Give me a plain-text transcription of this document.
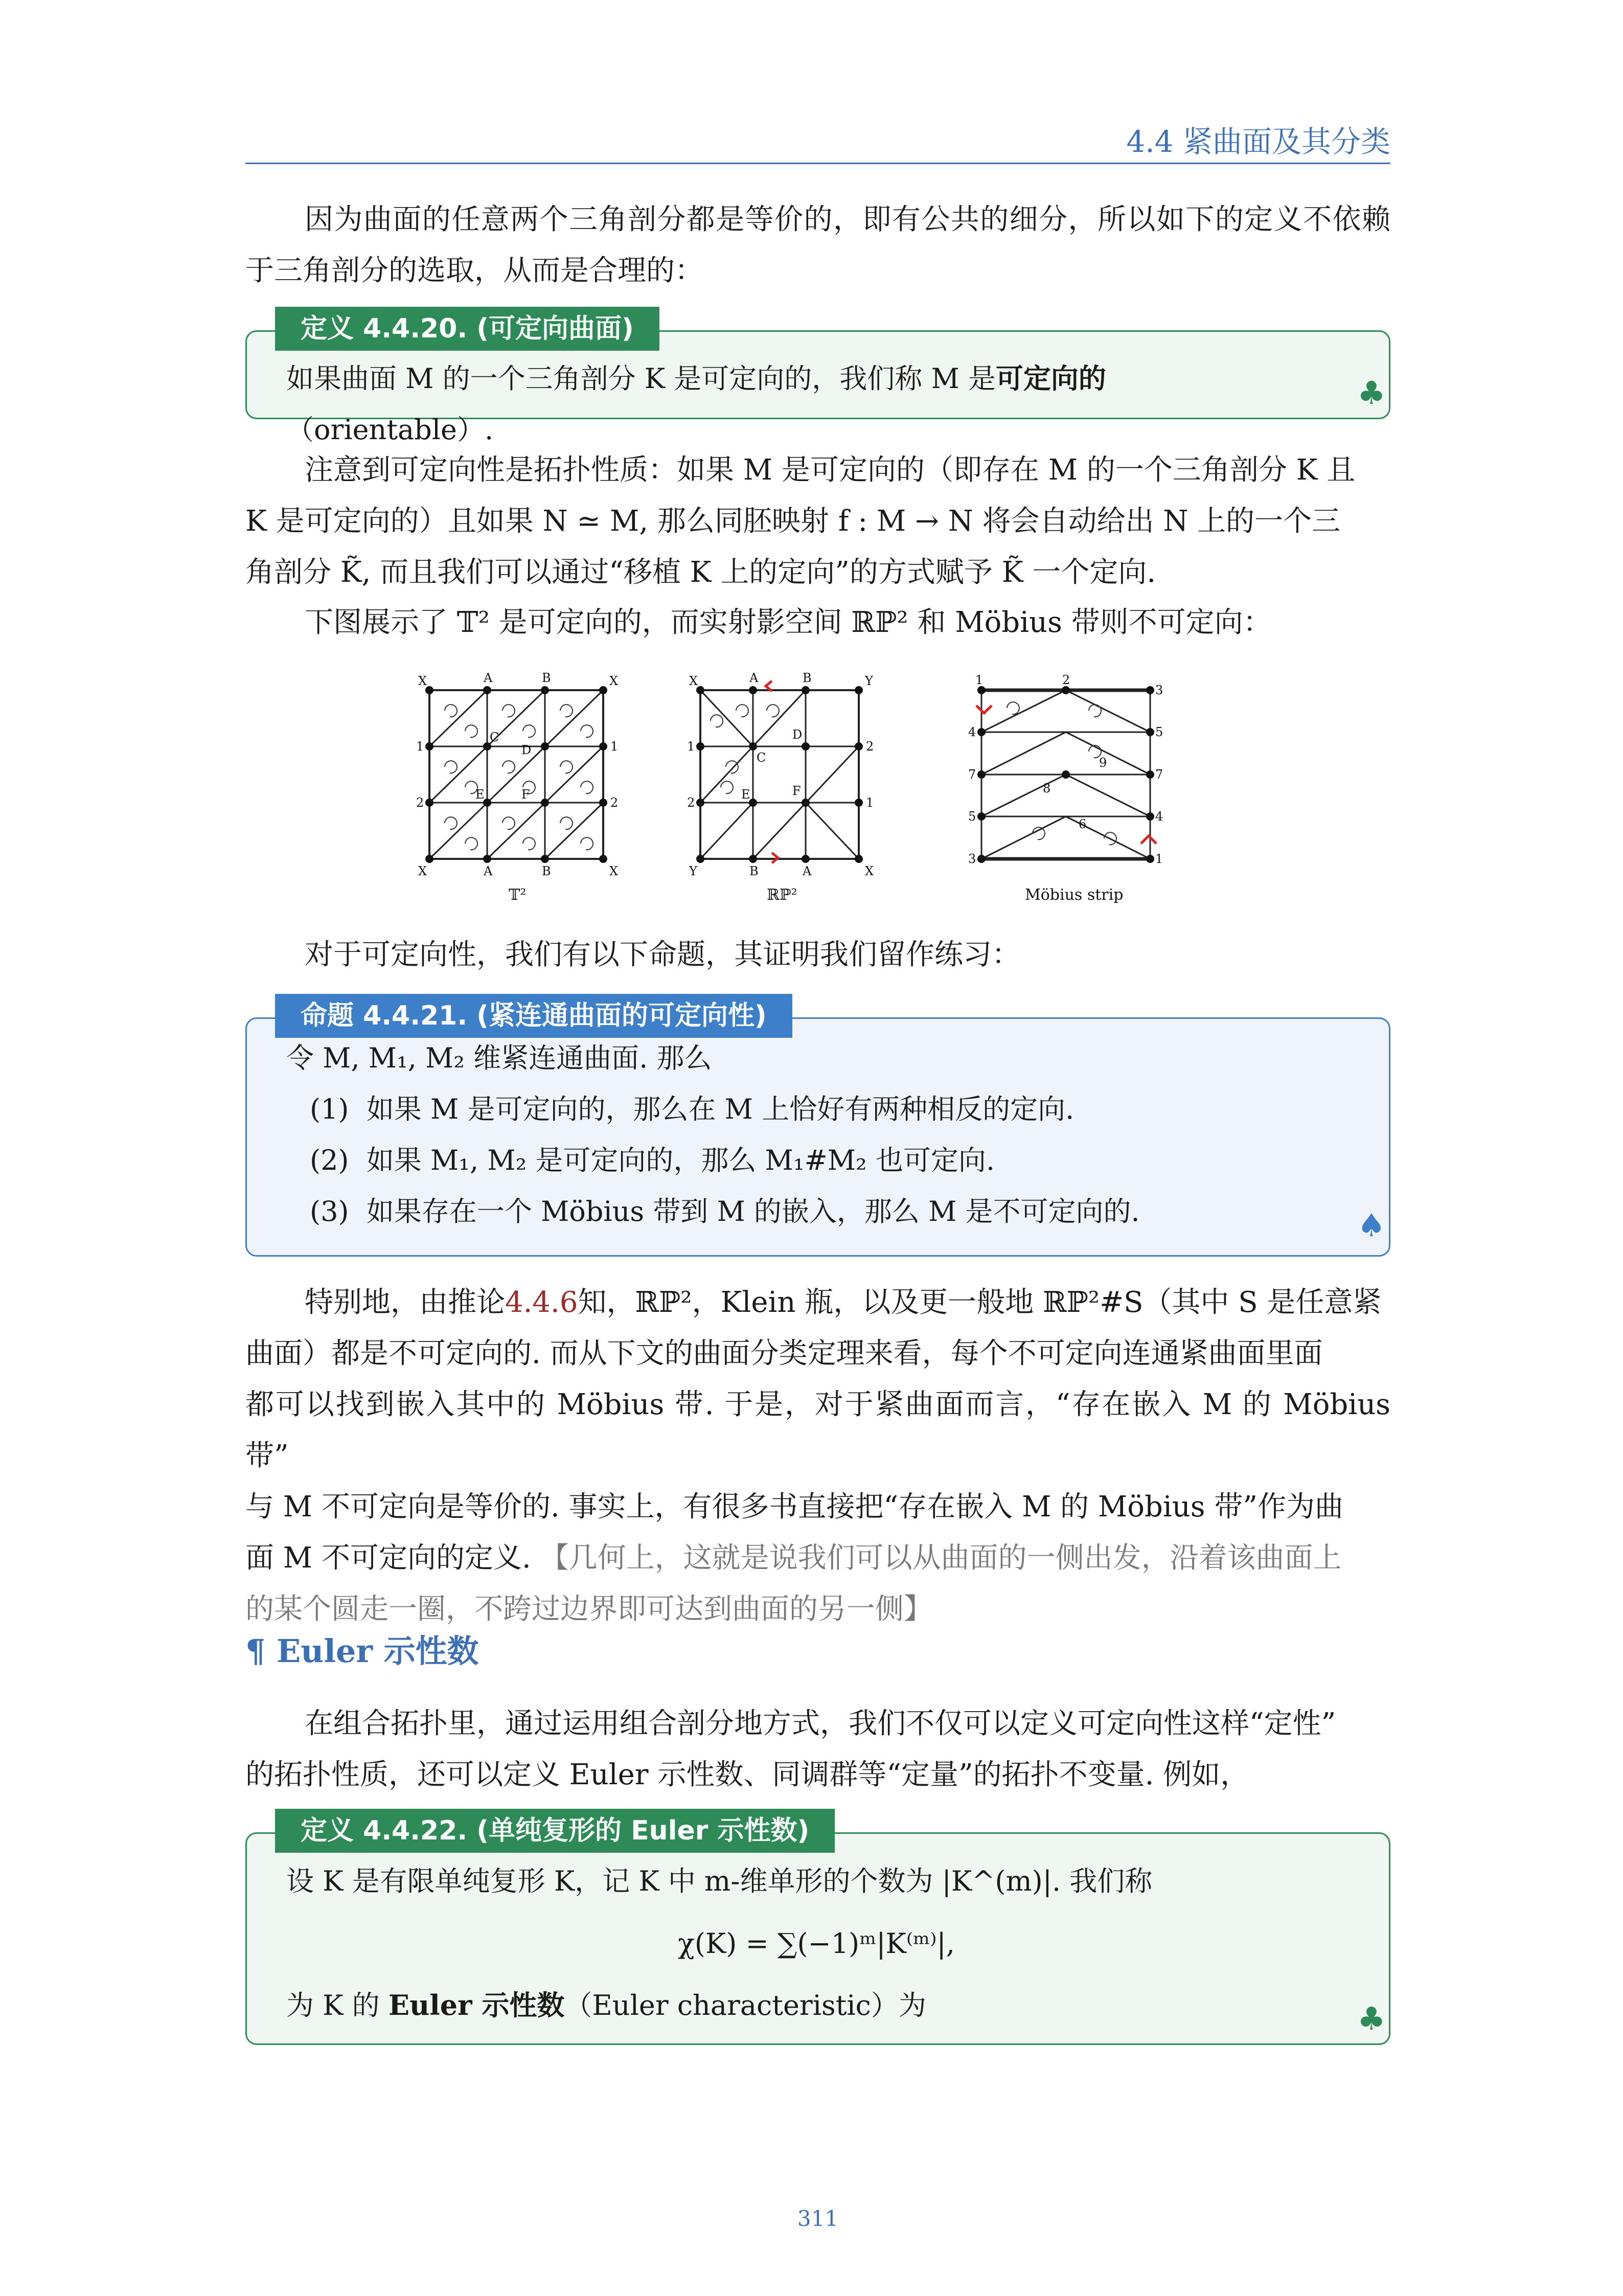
4.4 紧曲面及其分类
因为曲面的任意两个三角剖分都是等价的，即有公共的细分，所以如下的定义不依赖于三角剖分的选取，从而是合理的：
定义 4.4.20. (可定向曲面)
如果曲面 M 的一个三角剖分 K 是可定向的，我们称 M 是可定向的（orientable）.
♣
注意到可定向性是拓扑性质：如果 M 是可定向的（即存在 M 的一个三角剖分 K 且
K 是可定向的）且如果 N ≃ M, 那么同胚映射 f : M → N 将会自动给出 N 上的一个三
角剖分 K̃, 而且我们可以通过“移植 K 上的定向”的方式赋予 K̃ 一个定向.
下图展示了 𝕋² 是可定向的，而实射影空间 ℝℙ² 和 Möbius 带则不可定向：
X	A	B	X
X	A	B	X
1
2
1
2
C
D
E	F
𝕋²
X	A	B	Y
Y	B	A	X
1
2
2
1
C
D
E	F
ℝℙ²
1	2
3
4
7
5
3
5
7
4
1
9
8
6
Möbius strip
对于可定向性，我们有以下命题，其证明我们留作练习：
命题 4.4.21. (紧连通曲面的可定向性)
令 M, M₁, M₂ 维紧连通曲面. 那么
(1) 如果 M 是可定向的，那么在 M 上恰好有两种相反的定向.
(2) 如果 M₁, M₂ 是可定向的，那么 M₁#M₂ 也可定向.
(3) 如果存在一个 Möbius 带到 M 的嵌入，那么 M 是不可定向的.	♠
特别地，由推论4.4.6知，ℝℙ²，Klein 瓶，以及更一般地 ℝℙ²#S（其中 S 是任意紧
曲面）都是不可定向的. 而从下文的曲面分类定理来看，每个不可定向连通紧曲面里面
都可以找到嵌入其中的 Möbius 带. 于是，对于紧曲面而言，“存在嵌入 M 的 Möbius 带”
与 M 不可定向是等价的. 事实上，有很多书直接把“存在嵌入 M 的 Möbius 带”作为曲
面 M 不可定向的定义. 【几何上，这就是说我们可以从曲面的一侧出发，沿着该曲面上
的某个圆走一圈，不跨过边界即可达到曲面的另一侧】
¶ Euler 示性数
在组合拓扑里，通过运用组合剖分地方式，我们不仅可以定义可定向性这样“定性”
的拓扑性质，还可以定义 Euler 示性数、同调群等“定量”的拓扑不变量. 例如，
定义 4.4.22. (单纯复形的 Euler 示性数)
设 K 是有限单纯复形 K，记 K 中 m-维单形的个数为 |K^(m)|. 我们称
χ(K) = ∑(−1)ᵐ|K⁽ᵐ⁾|,
为 K 的 Euler 示性数（Euler characteristic）为	♣
311
